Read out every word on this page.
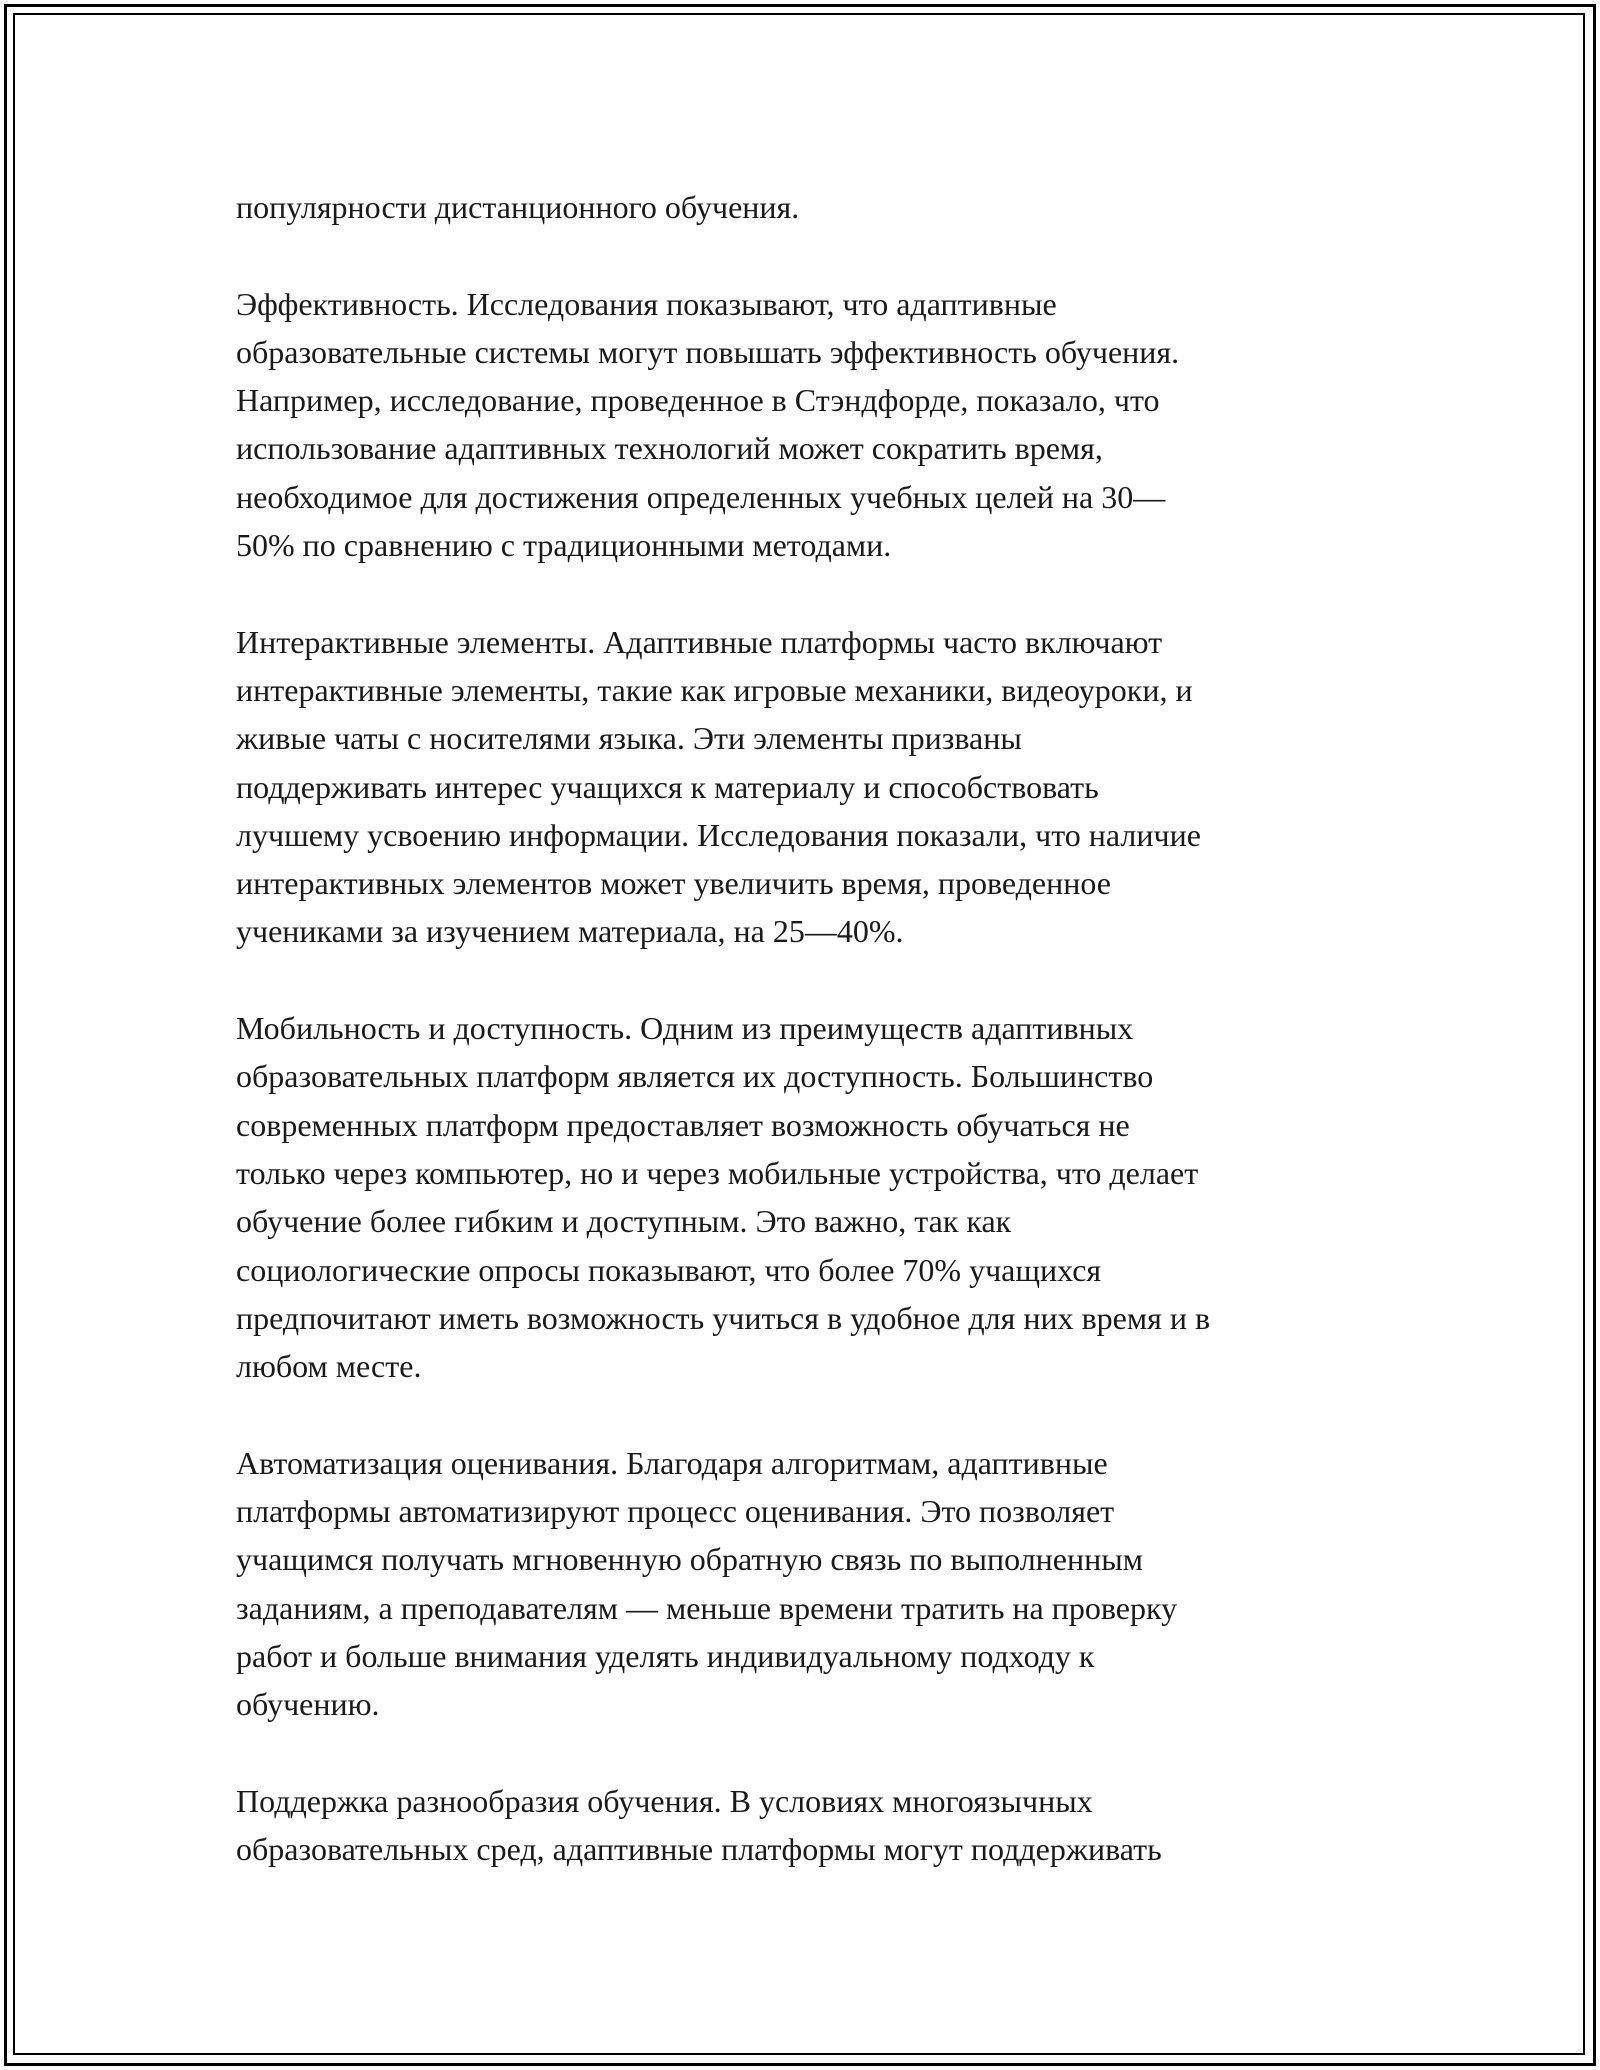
популярности дистанционного обучения.

Эффективность. Исследования показывают, что адаптивные
образовательные системы могут повышать эффективность обучения.
Например, исследование, проведенное в Стэндфорде, показало, что
использование адаптивных технологий может сократить время,
необходимое для достижения определенных учебных целей на 30—
50% по сравнению с традиционными методами.

Интерактивные элементы. Адаптивные платформы часто включают
интерактивные элементы, такие как игровые механики, видеоуроки, и
живые чаты с носителями языка. Эти элементы призваны
поддерживать интерес учащихся к материалу и способствовать
лучшему усвоению информации. Исследования показали, что наличие
интерактивных элементов может увеличить время, проведенное
учениками за изучением материала, на 25—40%.

Мобильность и доступность. Одним из преимуществ адаптивных
образовательных платформ является их доступность. Большинство
современных платформ предоставляет возможность обучаться не
только через компьютер, но и через мобильные устройства, что делает
обучение более гибким и доступным. Это важно, так как
социологические опросы показывают, что более 70% учащихся
предпочитают иметь возможность учиться в удобное для них время и в
любом месте.

Автоматизация оценивания. Благодаря алгоритмам, адаптивные
платформы автоматизируют процесс оценивания. Это позволяет
учащимся получать мгновенную обратную связь по выполненным
заданиям, а преподавателям — меньше времени тратить на проверку
работ и больше внимания уделять индивидуальному подходу к
обучению.

Поддержка разнообразия обучения. В условиях многоязычных
образовательных сред, адаптивные платформы могут поддерживать
